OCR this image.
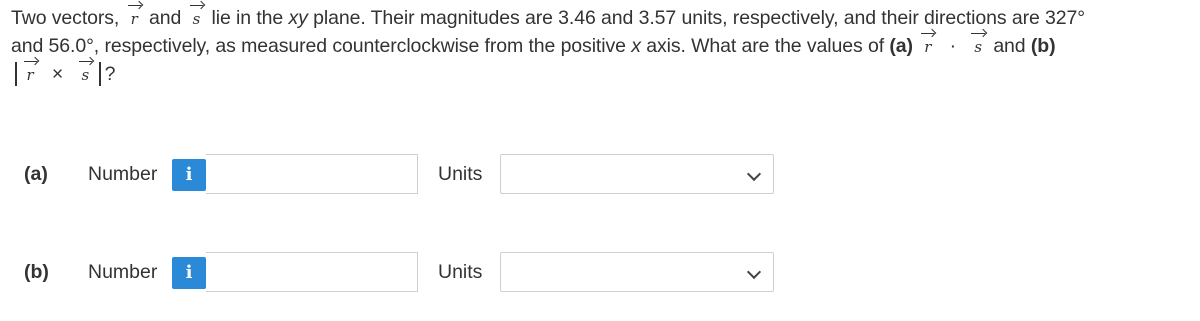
Two vectors, r and s lie in the xy plane. Their magnitudes are 3.46 and 3.57 units, respectively, and their directions are 327°
and 56.0°, respectively, as measured counterclockwise from the positive x axis. What are the values of (a) r · s and (b)
r × s ?
(a) Number	i	Units
(b) Number	i	Units
